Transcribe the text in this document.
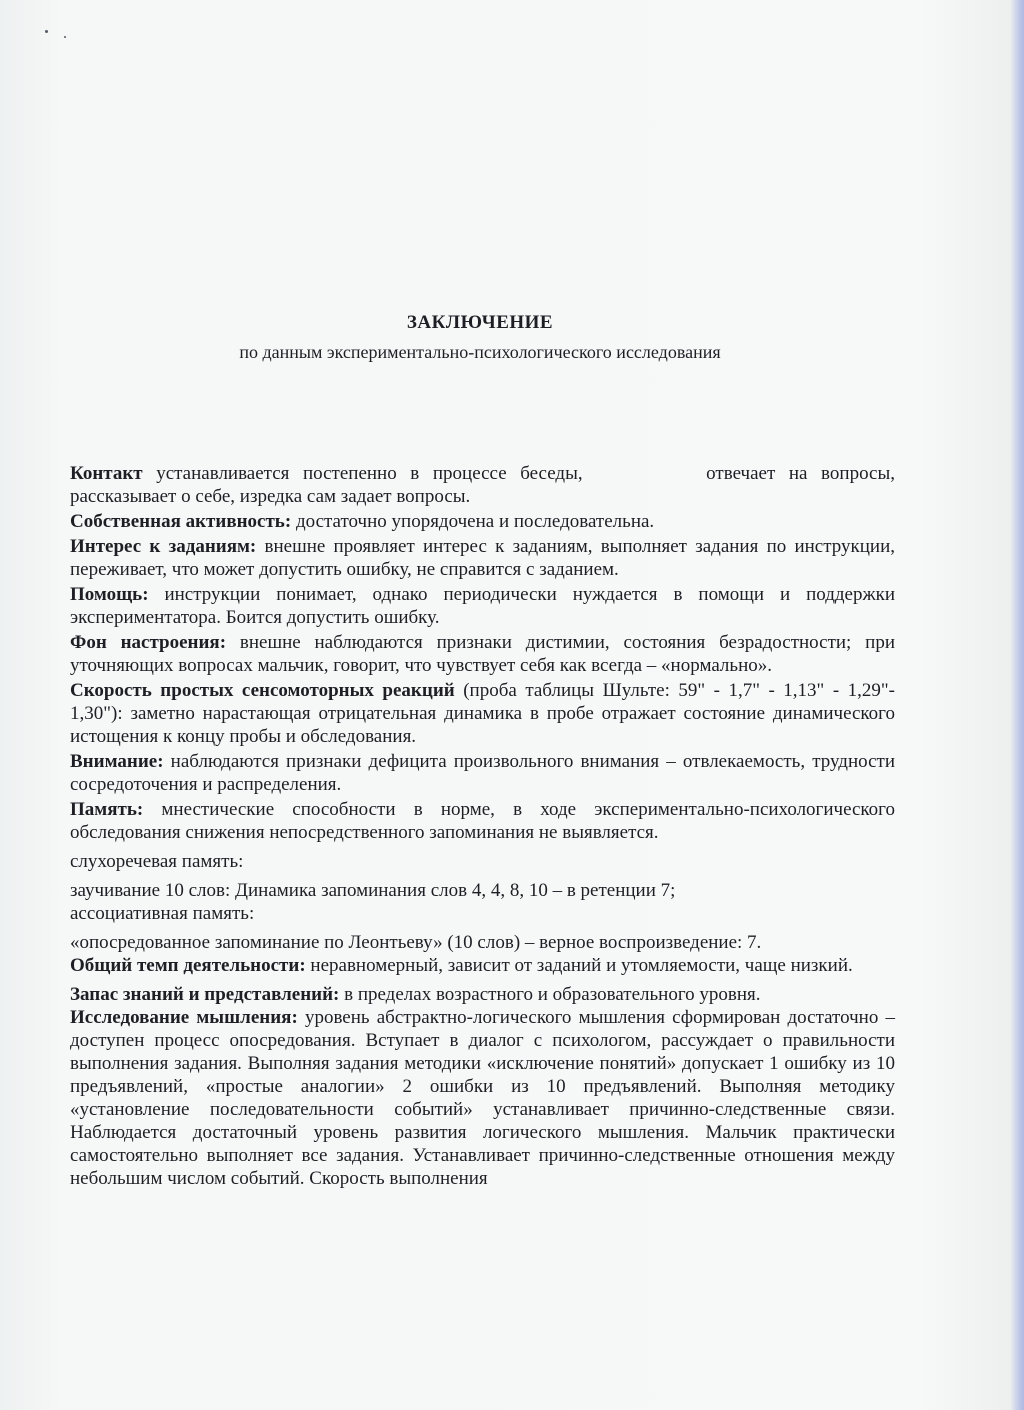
ЗАКЛЮЧЕНИЕ
по данным экспериментально-психологического исследования

Контакт устанавливается постепенно в процессе беседы,	отвечает на вопросы, рассказывает о себе, изредка сам задает вопросы.

Собственная активность: достаточно упорядочена и последовательна.

Интерес к заданиям: внешне проявляет интерес к заданиям, выполняет задания по инструкции, переживает, что может допустить ошибку, не справится с заданием.

Помощь: инструкции понимает, однако периодически нуждается в помощи и поддержки экспериментатора. Боится допустить ошибку.

Фон настроения: внешне наблюдаются признаки дистимии, состояния безрадостности; при уточняющих вопросах мальчик, говорит, что чувствует себя как всегда – «нормально».

Скорость простых сенсомоторных реакций (проба таблицы Шульте: 59" - 1,7" - 1,13" - 1,29"- 1,30"): заметно нарастающая отрицательная динамика в пробе отражает состояние динамического истощения к концу пробы и обследования.

Внимание: наблюдаются признаки дефицита произвольного внимания – отвлекаемость, трудности сосредоточения и распределения.

Память: мнестические способности в норме, в ходе экспериментально-психологического обследования снижения непосредственного запоминания не выявляется.

слухоречевая память:

заучивание 10 слов: Динамика запоминания слов 4, 4, 8, 10 – в ретенции 7;

ассоциативная память:

«опосредованное запоминание по Леонтьеву» (10 слов) – верное воспроизведение: 7.

Общий темп деятельности: неравномерный, зависит от заданий и утомляемости, чаще низкий.

Запас знаний и представлений: в пределах возрастного и образовательного уровня.

Исследование мышления: уровень абстрактно-логического мышления сформирован достаточно – доступен процесс опосредования. Вступает в диалог с психологом, рассуждает о правильности выполнения задания. Выполняя задания методики «исключение понятий» допускает 1 ошибку из 10 предъявлений, «простые аналогии» 2 ошибки из 10 предъявлений. Выполняя методику «установление последовательности событий» устанавливает причинно-следственные связи. Наблюдается достаточный уровень развития логического мышления. Мальчик практически самостоятельно выполняет все задания. Устанавливает причинно-следственные отношения между небольшим числом событий. Скорость выполнения
